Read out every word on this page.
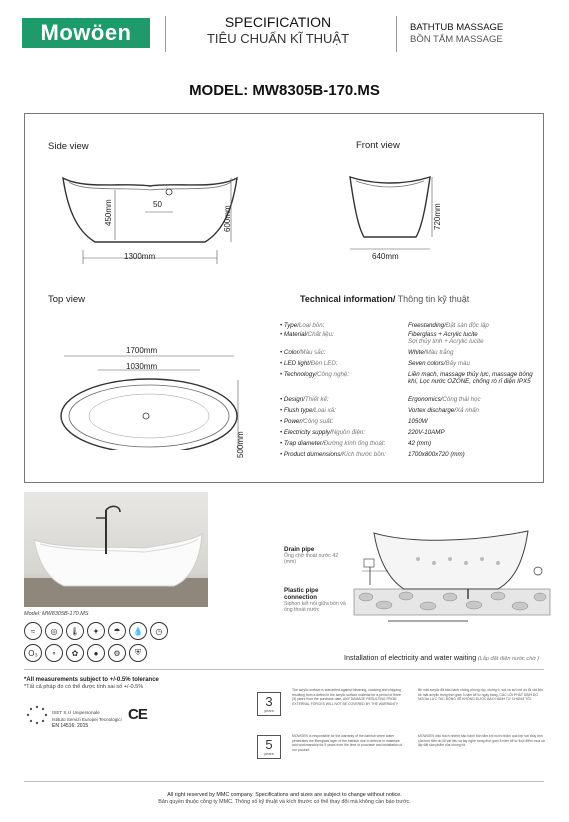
Mowöen	SPECIFICATION
TIÊU CHUẨN KĨ THUẬT
BATHTUB MASSAGE
BỒN TẮM MASSAGE
MODEL: MW8305B-170.MS
Side view	Front view
Top view
450mm	600mm
50
1300mm
720mm
640mm
1700mm
1030mm
500mm
Technical information/ Thông tin kỹ thuật
• Type/Loại bồn:	Freestanding/Đặt sàn độc lập
• Material/Chất liệu:	Fiberglass + Acrylic lucite
Sợi thủy tinh + Acrylic lucite
• Color/Màu sắc:	White/Màu trắng
• LED light/Đèn LED:	Seven colors/Bảy màu
• Technology/Công nghệ:	Liền mạch, massage thủy lực, massage bóng khí, Lọc nước OZONE, chống rò rỉ điện IPX5
• Design/Thiết kế:	Ergonomics/Công thái học
• Flush type/Loại xả:	Vortex discharge/Xả nhấn
• Power/Công suất:	1050W
• Electricity supply/Nguồn điện:	220V-10AMP
• Trap diameter/Đường kính ống thoát:	42 (mm)
• Product dumensions/Kích thước bồn:	1700x800x720 (mm)
Model: MW8305B-170.MS
≈	◎	🌡	✦	☂	💧	◷
O₃	∘	✿	●	⚙	⛨
Drain pipe
Ống chờ thoát nước 42 (mm)
Plastic pipe connection
Siphon kết nối giữa bồn và ống thoát nước
Installation of electricity and water waiting (Lắp đặt điện nước chờ )
*All measurements subject to +/-0.5% tolerance
*Tất cả pháp đo có thể được tính sai số +/-0.5%
ISET S.r.l Unipersonale
Istituto Servizi Europei Tecnologici
EN 14516: 2015
CE
3
years
The acrylic surface is warranted against blistering, cracking and chipping resulting from a defect in the acrylic surface material for a period of three (3) years from the purchase date. ANY DAMAGE RESULTING FROM EXTERNAL FORCES WILL NOT BE COVERED BY THE WARRANTY.
Bề mặt acrylic đã bảo hành chống phồng rộp, chống ô, sứt và sứt mẻ do lỗi vật liệu bề mặt acrylic trong thời gian 3 năm kể từ ngày bàng. CÁC LỖI PHÁT SINH DO NGOẠI LỰC TÁC ĐỘNG SẼ KHÔNG ĐƯỢC BẢO HÀNH TỪ CHÚNG TÔI.
5
years
MOWOEN is responsible for the warranty of the bathtub when water penetrates the fiberglass layer of the bathtub due to defects in materials and workmanship for 5 years from the time of purchase and installation of our product.
MOWOEN chịu trách nhiệm bảo hành bồn tắm khi nước thấm qua lớp sợi thủy tinh của bồn tắm do lỗi vật liệu và tay nghề trong thời gian 5 năm kể từ thời điểm mua và lắp đặt sản phẩm của chúng tôi.
All right reserved by MMC company. Specifications and sizes are subject to change without notice.
Bản quyền thuộc công ty MMC. Thông số kỹ thuật và kích thước có thể thay đổi mà không cần báo trước.
